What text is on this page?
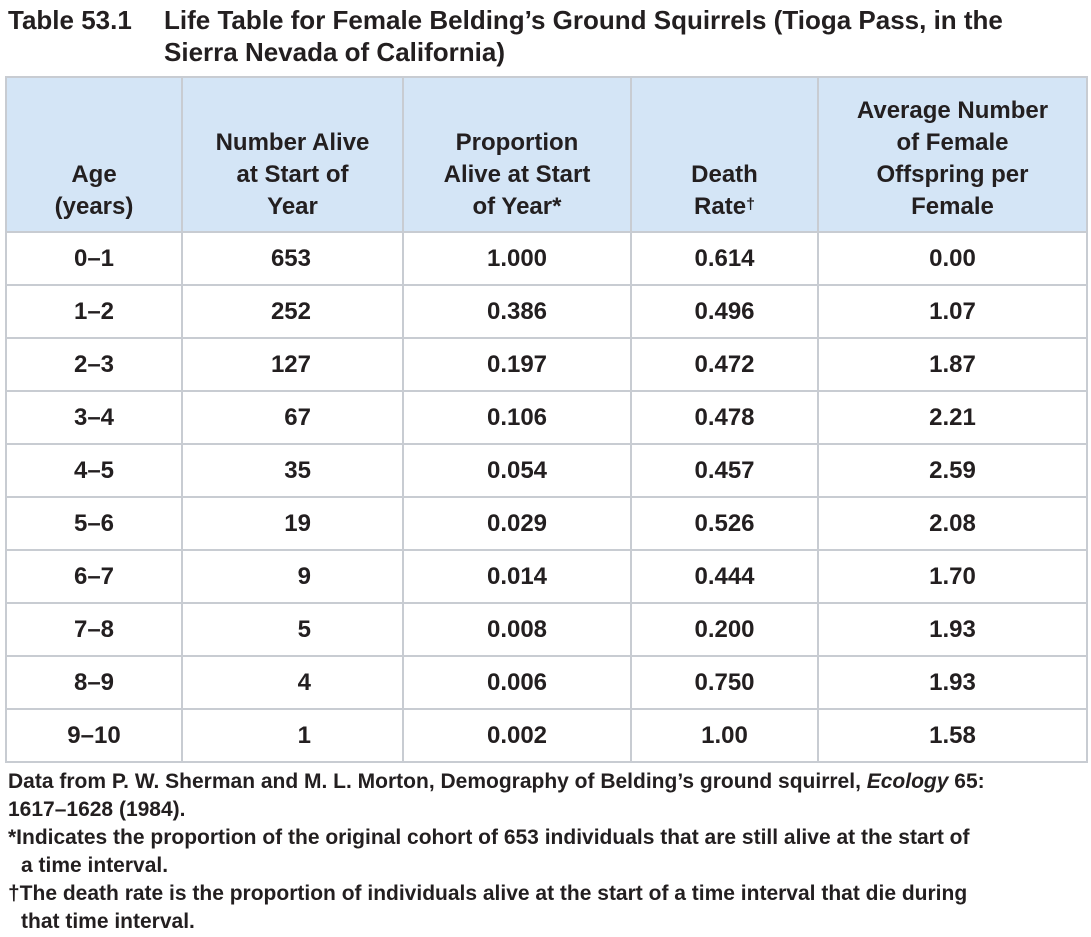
Table 53.1	Life Table for Female Belding’s Ground Squirrels (Tioga Pass, in the
Sierra Nevada of California)
Age
(years)	Number Alive
at Start of
Year	Proportion
Alive at Start
of Year*	Death
Rate†	Average Number
of Female
Offspring per
Female
0–1	653	1.000	0.614	0.00
1–2	252	0.386	0.496	1.07
2–3	127	0.197	0.472	1.87
3–4	67	0.106	0.478	2.21
4–5	35	0.054	0.457	2.59
5–6	19	0.029	0.526	2.08
6–7	9	0.014	0.444	1.70
7–8	5	0.008	0.200	1.93
8–9	4	0.006	0.750	1.93
9–10	1	0.002	1.00	1.58

Data from P. W. Sherman and M. L. Morton, Demography of Belding’s ground squirrel, Ecology 65:

1617–1628 (1984).

*Indicates the proportion of the original cohort of 653 individuals that are still alive at the start of

a time interval.

†The death rate is the proportion of individuals alive at the start of a time interval that die during

that time interval.
